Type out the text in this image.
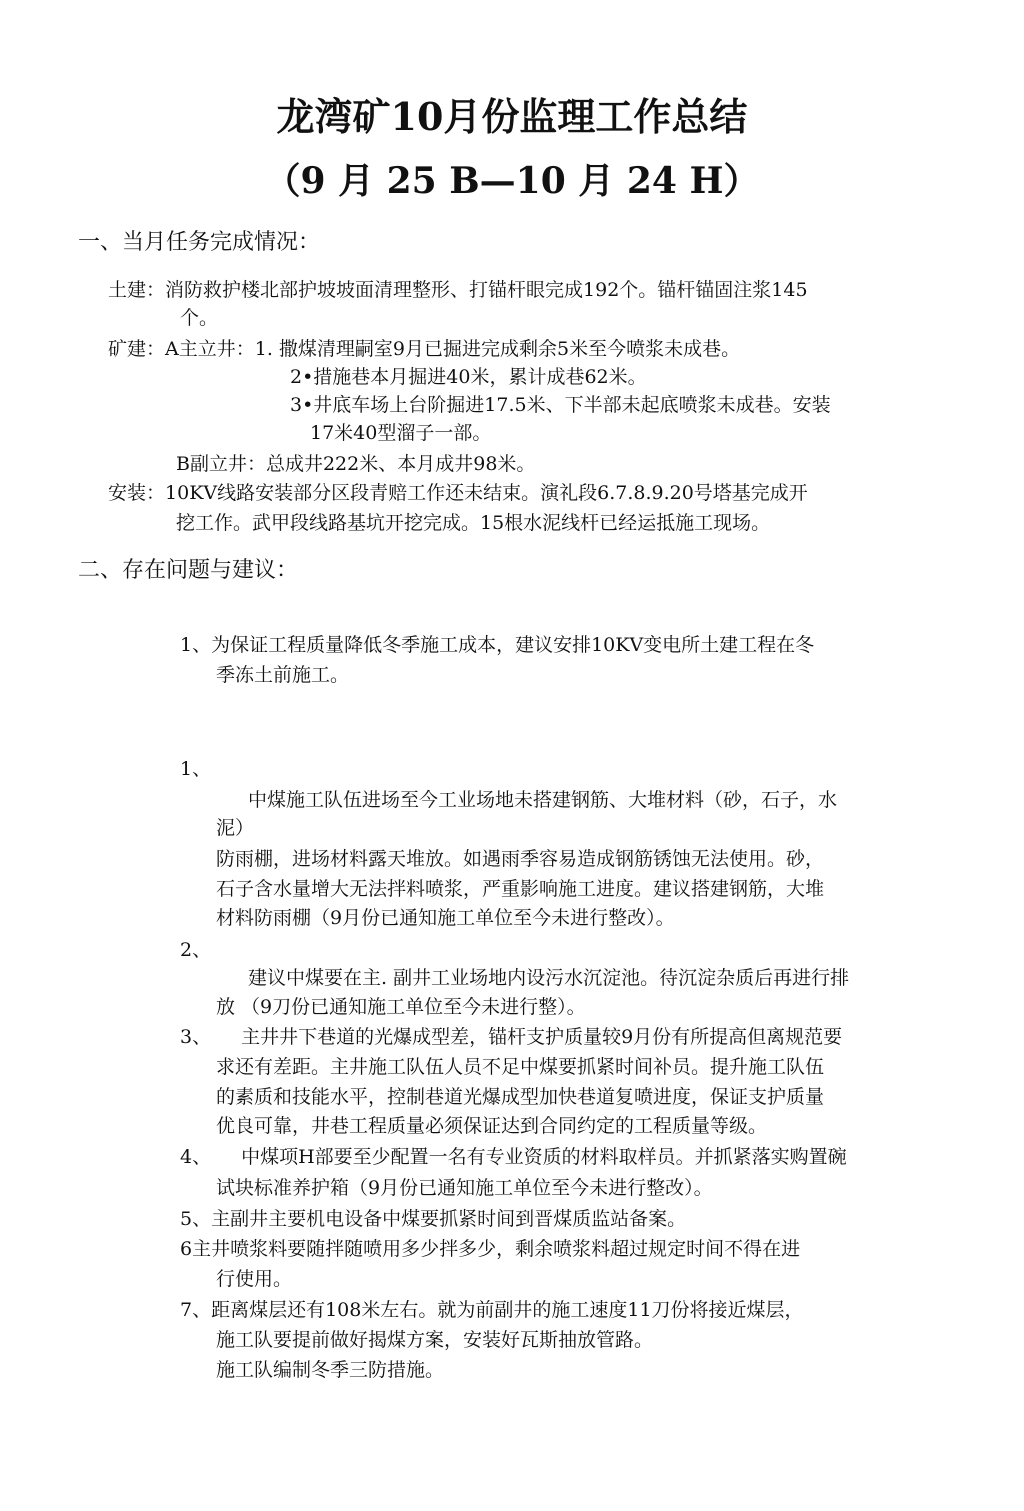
龙湾矿10月份监理工作总结
（9 月 25 B—10 月 24 H）
一、当月任务完成情况：
土建：消防救护楼北部护坡坡面清理整形、打锚杆眼完成192个。锚杆锚固注浆145
个。
矿建：A主立井：1. 撒煤清理嗣室9月已掘进完成剩余5米至今喷浆未成巷。
2•措施巷本月掘进40米，累计成巷62米。
3•井底车场上台阶掘进17.5米、下半部未起底喷浆未成巷。安装
17米40型溜子一部。
B副立井：总成井222米、本月成井98米。
安装：10KV线路安装部分区段青赔工作还未结束。演礼段6.7.8.9.20号塔基完成开
挖工作。武甲段线路基坑开挖完成。15根水泥线杆已经运抵施工现场。
二、存在问题与建议：
1、为保证工程质量降低冬季施工成本，建议安排10KV变电所土建工程在冬
季冻土前施工。
1、
中煤施工队伍进场至今工业场地未搭建钢筋、大堆材料（砂，石子，水
泥）
防雨棚，进场材料露天堆放。如遇雨季容易造成钢筋锈蚀无法使用。砂，
石子含水量增大无法拌料喷浆，严重影响施工进度。建议搭建钢筋，大堆
材料防雨棚（9月份已通知施工单位至今未进行整改）。
2、
建议中煤要在主. 副井工业场地内设污水沉淀池。待沉淀杂质后再进行排
放 （9刀份已通知施工单位至今未进行整）。
3、 主井井下巷道的光爆成型差，锚杆支护质量较9月份有所提高但离规范要
求还有差距。主井施工队伍人员不足中煤要抓紧时间补员。提升施工队伍
的素质和技能水平，控制巷道光爆成型加快巷道复喷进度，保证支护质量
优良可靠，井巷工程质量必须保证达到合同约定的工程质量等级。
4、 中煤项H部要至少配置一名有专业资质的材料取样员。并抓紧落实购置碗
试块标准养护箱（9月份已通知施工单位至今未进行整改）。
5、主副井主要机电设备中煤要抓紧时间到晋煤质监站备案。
6主井喷浆料要随拌随喷用多少拌多少，剩余喷浆料超过规定时间不得在进
行使用。
7、距离煤层还有108米左右。就为前副井的施工速度11刀份将接近煤层，
施工队要提前做好揭煤方案，安装好瓦斯抽放管路。
施工队编制冬季三防措施。
